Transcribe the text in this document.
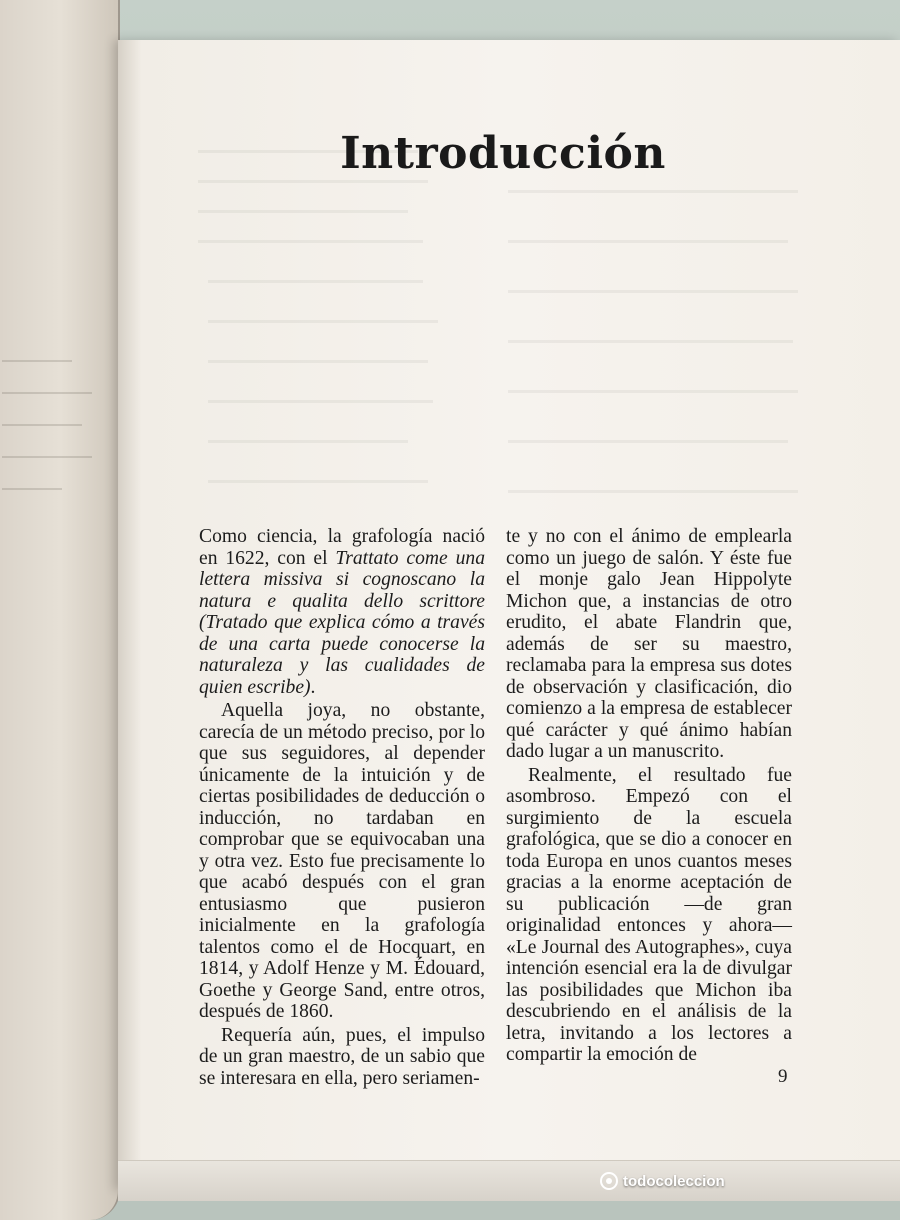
Introducción

Como ciencia, la grafología nació en 1622, con el Trattato come una lettera missiva si cognoscano la natura e qualita dello scrittore (Tratado que explica cómo a través de una carta puede conocerse la naturaleza y las cualidades de quien escribe).

Aquella joya, no obstante, carecía de un método preciso, por lo que sus seguidores, al depender únicamente de la intuición y de ciertas posibilidades de deducción o inducción, no tardaban en comprobar que se equivocaban una y otra vez. Esto fue precisamente lo que acabó después con el gran entusiasmo que pusieron inicialmente en la grafología talentos como el de Hocquart, en 1814, y Adolf Henze y M. Édouard, Goethe y George Sand, entre otros, después de 1860.

Requería aún, pues, el impulso de un gran maestro, de un sabio que se interesara en ella, pero seriamen-

te y no con el ánimo de emplearla como un juego de salón. Y éste fue el monje galo Jean Hippolyte Michon que, a instancias de otro erudito, el abate Flandrin que, además de ser su maestro, reclamaba para la empresa sus dotes de observación y clasificación, dio comienzo a la empresa de establecer qué carácter y qué ánimo habían dado lugar a un manuscrito.

Realmente, el resultado fue asombroso. Empezó con el surgimiento de la escuela grafológica, que se dio a conocer en toda Europa en unos cuantos meses gracias a la enorme aceptación de su publicación —de gran originalidad entonces y ahora— «Le Journal des Autographes», cuya intención esencial era la de divulgar las posibilidades que Michon iba descubriendo en el análisis de la letra, invitando a los lectores a compartir la emoción de

9
todocoleccion
